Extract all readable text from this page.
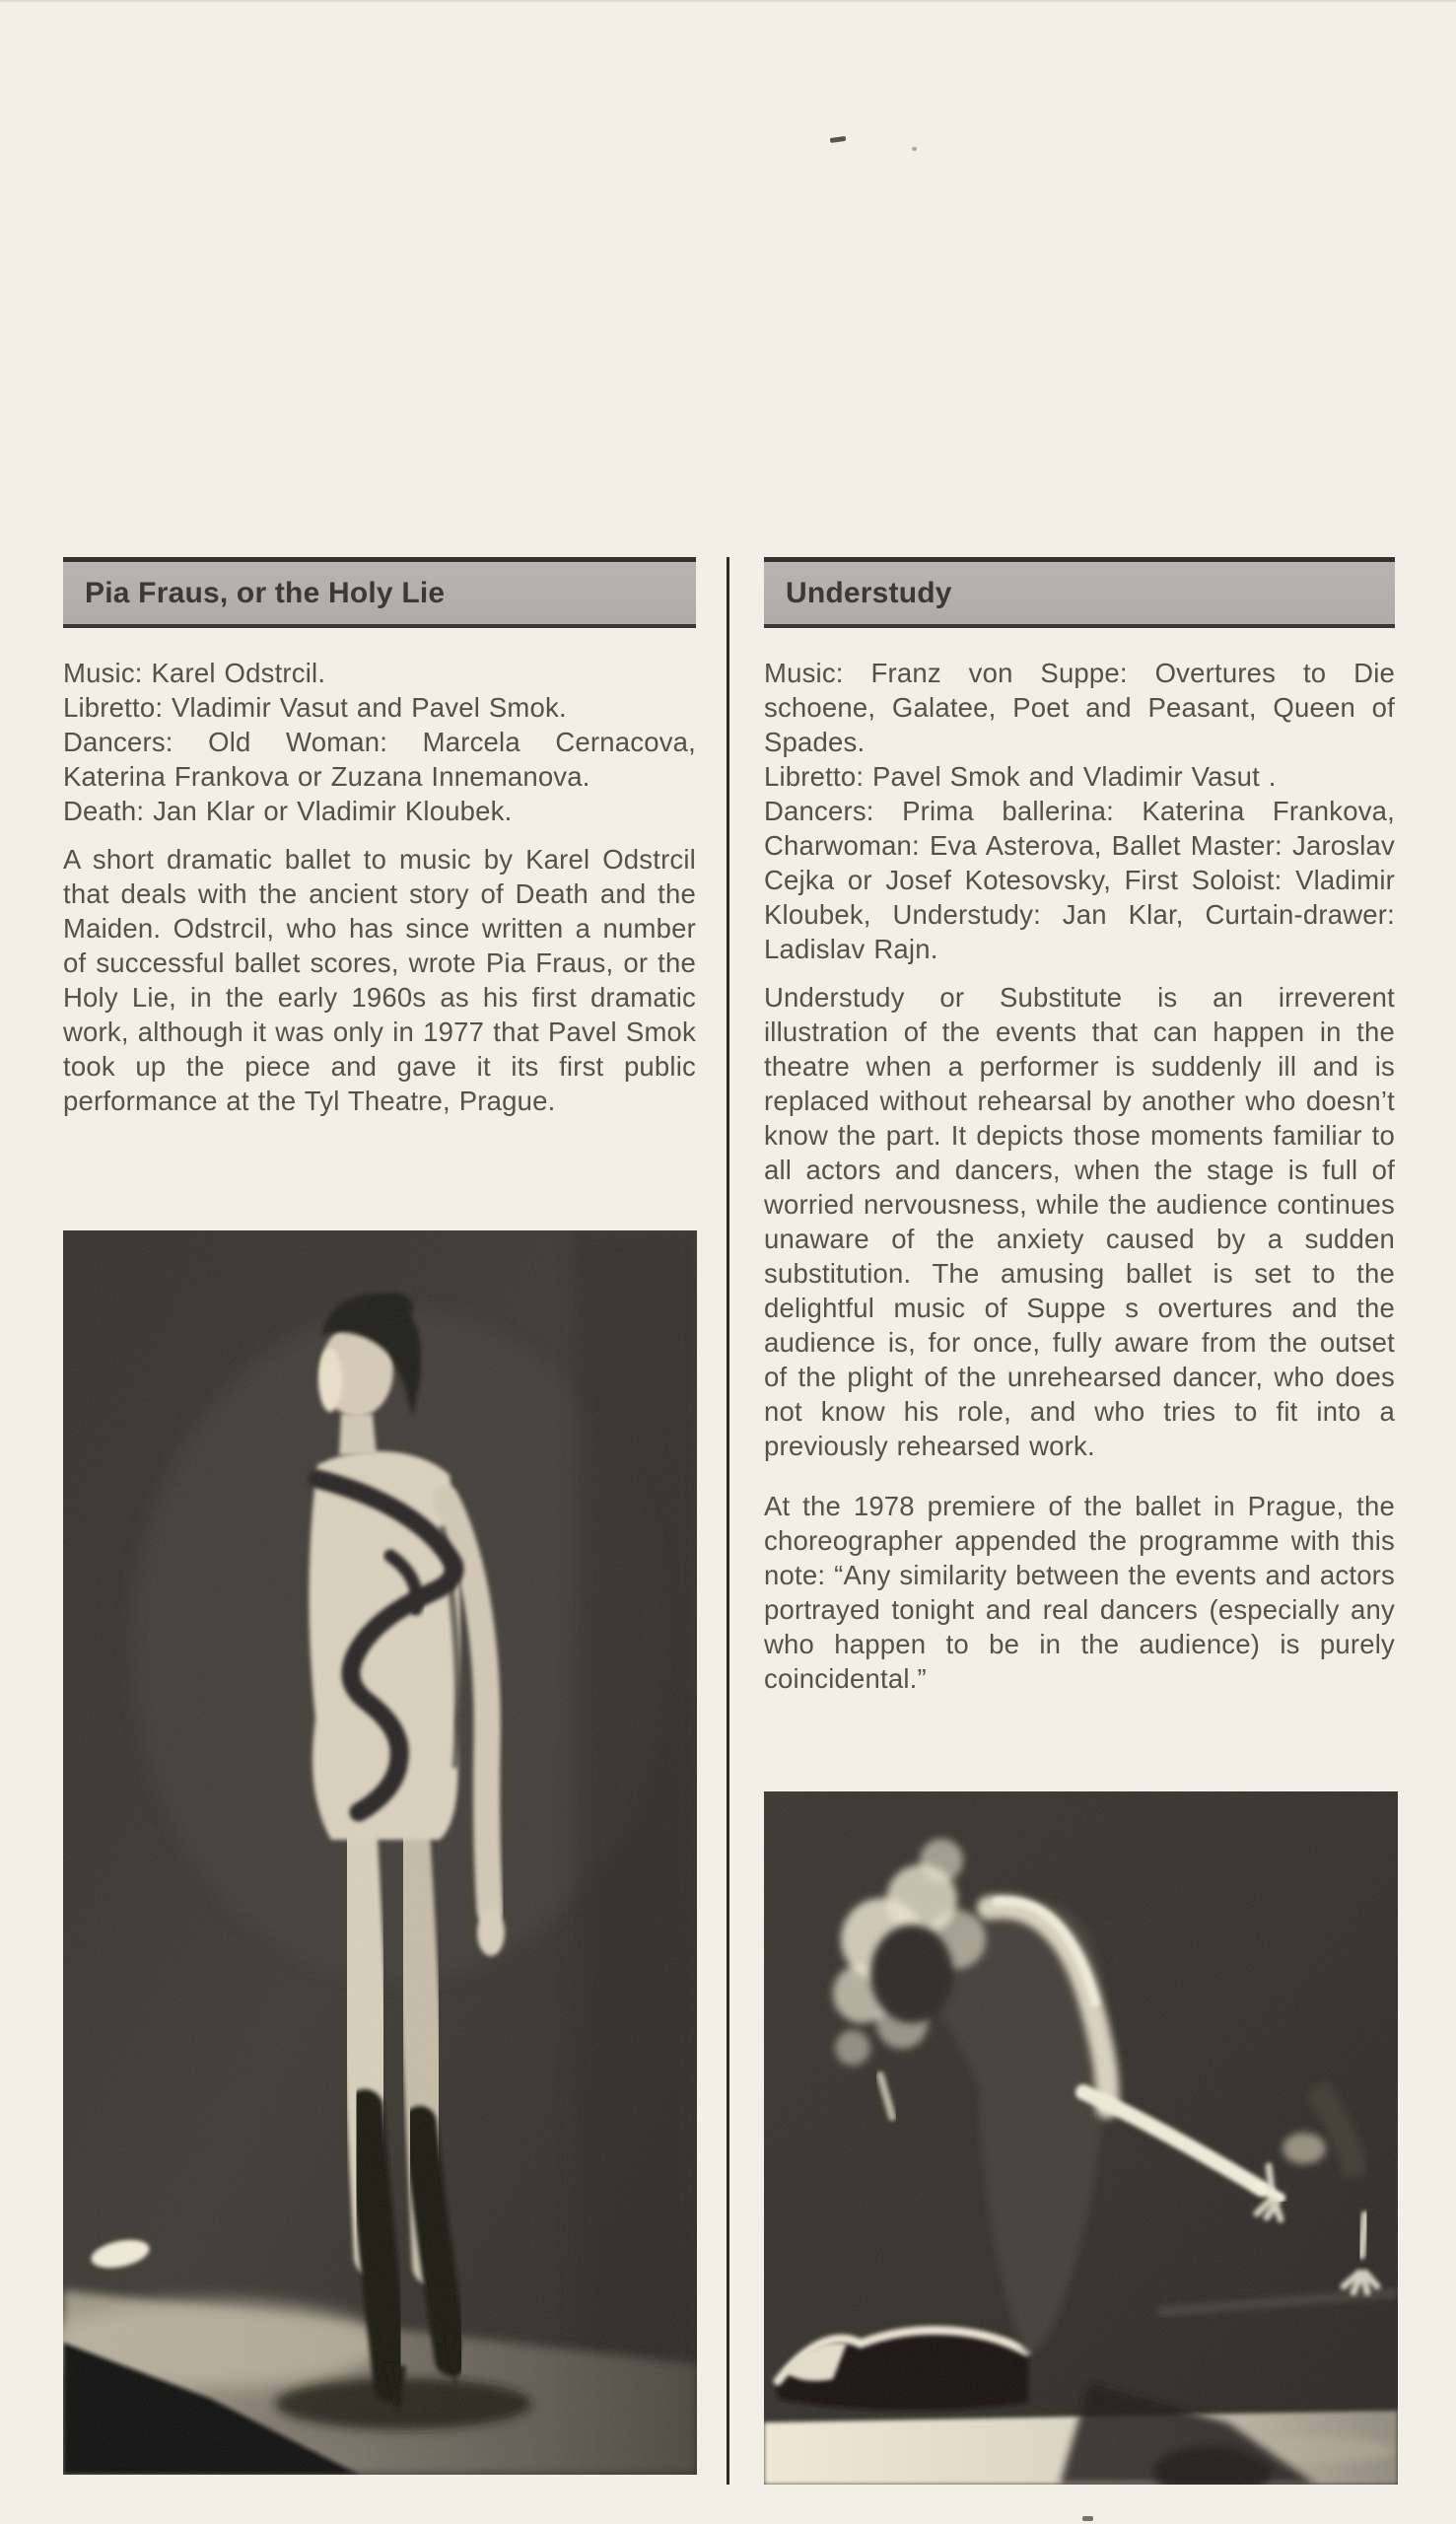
Pia Fraus, or the Holy Lie

Music: Karel Odstrcil.

Libretto: Vladimir Vasut and Pavel Smok.

Dancers: Old Woman: Marcela Cernacova, Katerina Frankova or Zuzana Innemanova.

Death: Jan Klar or Vladimir Kloubek.

A short dramatic ballet to music by Karel Odstrcil that deals with the ancient story of Death and the Maiden. Odstrcil, who has since written a number of successful ballet scores, wrote Pia Fraus, or the Holy Lie, in the early 1960s as his first dramatic work, although it was only in 1977 that Pavel Smok took up the piece and gave it its first public performance at the Tyl Theatre, Prague.

Understudy

Music: Franz von Suppe: Overtures to Die schoene, Galatee, Poet and Peasant, Queen of Spades.

Libretto: Pavel Smok and Vladimir Vasut .

Dancers: Prima ballerina: Katerina Frankova, Charwoman: Eva Asterova, Ballet Master: Jaroslav Cejka or Josef Kotesovsky, First Soloist: Vladimir Kloubek, Understudy: Jan Klar, Curtain-drawer: Ladislav Rajn.

Understudy or Substitute is an irreverent illustration of the events that can happen in the theatre when a performer is suddenly ill and is replaced without rehearsal by another who doesn’t know the part. It depicts those moments familiar to all actors and dancers, when the stage is full of worried nervousness, while the audience continues unaware of the anxiety caused by a sudden substitution. The amusing ballet is set to the delightful music of Suppe s overtures and the audience is, for once, fully aware from the outset of the plight of the unrehearsed dancer, who does not know his role, and who tries to fit into a previously rehearsed work.

At the 1978 premiere of the ballet in Prague, the choreographer appended the programme with this note: “Any similarity between the events and actors portrayed tonight and real dancers (especially any who happen to be in the audience) is purely coincidental.”
